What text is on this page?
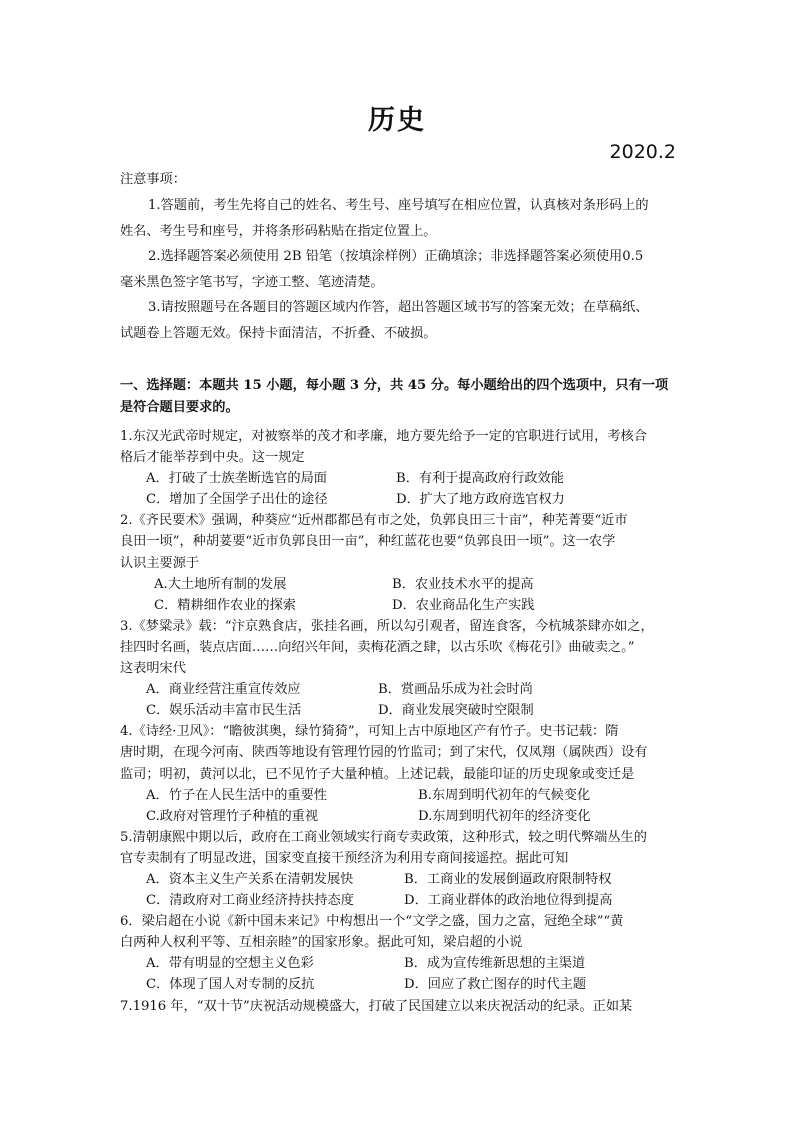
历史
2020.2
注意事项：
1.答题前，考生先将自己的姓名、考生号、座号填写在相应位置，认真核对条形码上的
姓名、考生号和座号，并将条形码粘贴在指定位置上。
2.选择题答案必须使用 2B 铅笔（按填涂样例）正确填涂；非选择题答案必须使用0.5
毫米黑色签字笔书写，字迹工整、笔迹清楚。
3.请按照题号在各题目的答题区域内作答，超出答题区域书写的答案无效；在草稿纸、
试题卷上答题无效。保持卡面清洁，不折叠、不破损。
一、选择题：本题共 15 小题，每小题 3 分，共 45 分。每小题给出的四个选项中，只有一项
是符合题目要求的。
1.东汉光武帝时规定，对被察举的茂才和孝廉，地方要先给予一定的官职进行试用，考核合
格后才能举荐到中央。这一规定
A．打破了士族垄断选官的局面	B．有利于提高政府行政效能
C．增加了全国学子出仕的途径	D．扩大了地方政府选官权力
2.《齐民要术》强调，种葵应“近州郡都邑有市之处，负郭良田三十亩”，种芜菁要“近市
良田一顷”，种胡荽要“近市负郭良田一亩”，种红蓝花也要“负郭良田一顷”。这一农学
认识主要源于
A.大土地所有制的发展	B．农业技术水平的提高
C．精耕细作农业的探索	D．农业商品化生产实践
3.《梦粱录》载：“汴京熟食店，张挂名画，所以勾引观者，留连食客，今杭城茶肆亦如之，
挂四时名画，装点店面……向绍兴年间，卖梅花酒之肆，以古乐吹《梅花引》曲破卖之。”
这表明宋代
A．商业经营注重宣传效应	B．赏画品乐成为社会时尚
C．娱乐活动丰富市民生活	D．商业发展突破时空限制
4.《诗经·卫风》：“瞻彼淇奥，绿竹猗猗”，可知上古中原地区产有竹子。史书记载：隋
唐时期，在现今河南、陕西等地设有管理竹园的竹监司；到了宋代，仅凤翔（属陕西）设有
监司；明初，黄河以北，已不见竹子大量种植。上述记载，最能印证的历史现象或变迁是
A．竹子在人民生活中的重要性	B.东周到明代初年的气候变化
C.政府对管理竹子种植的重视	D.东周到明代初年的经济变化
5.清朝康熙中期以后，政府在工商业领域实行商专卖政策，这种形式，较之明代弊端丛生的
官专卖制有了明显改进，国家变直接干预经济为利用专商间接遥控。据此可知
A．资本主义生产关系在清朝发展快	B．工商业的发展倒逼政府限制特权
C．清政府对工商业经济持扶持态度	D．工商业群体的政治地位得到提高
6．梁启超在小说《新中国未来记》中构想出一个“文学之盛，国力之富，冠绝全球”“黄
白两种人权利平等、互相亲睦”的国家形象。据此可知，梁启超的小说
A．带有明显的空想主义色彩	B．成为宣传维新思想的主渠道
C．体现了国人对专制的反抗	D．回应了救亡图存的时代主题
7.1916 年，“双十节”庆祝活动规模盛大，打破了民国建立以来庆祝活动的纪录。正如某
